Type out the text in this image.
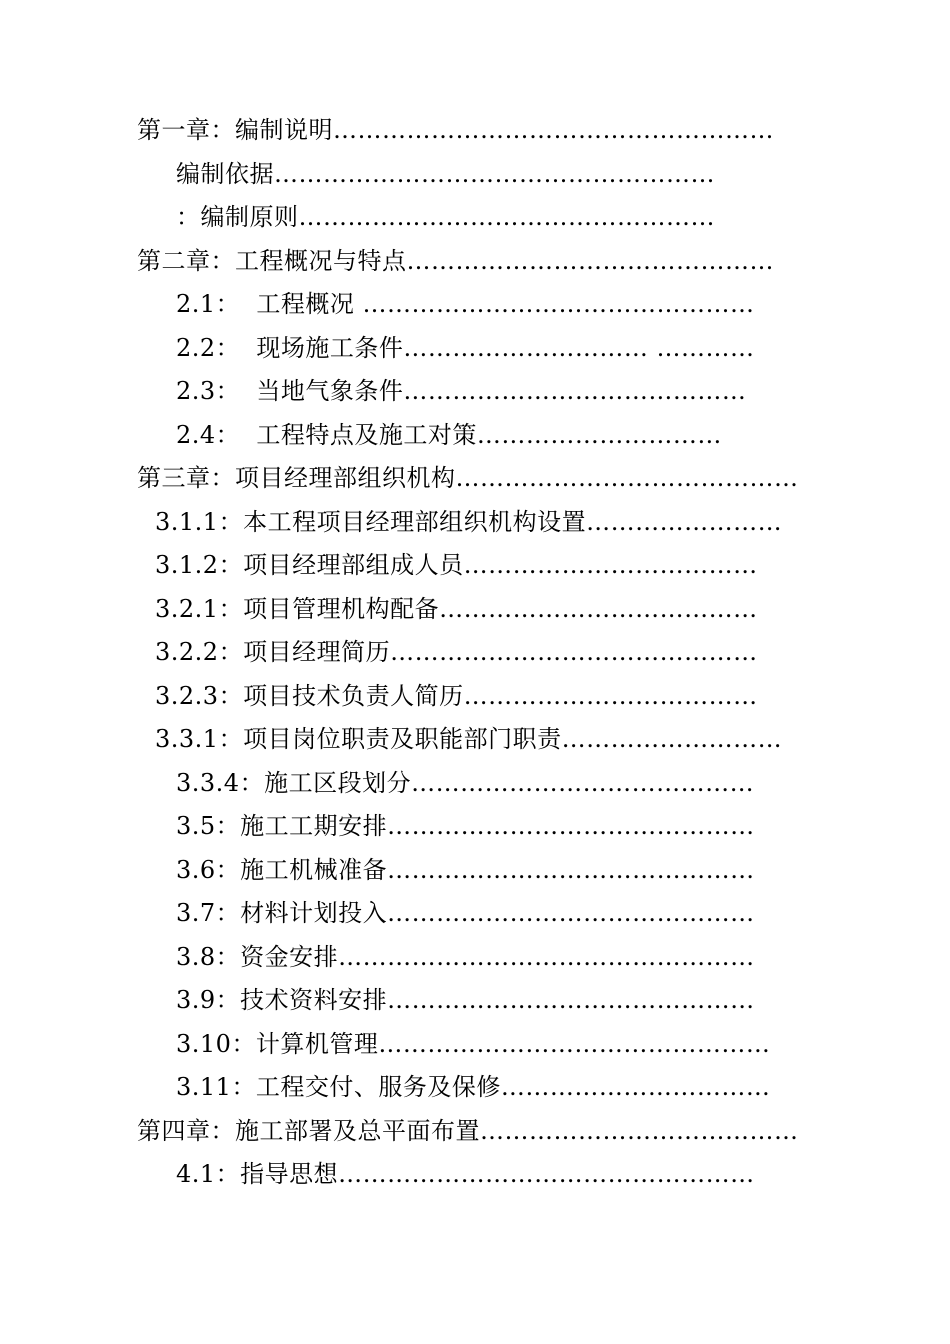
第一章：编制说明………………………………………………
编制依据………………………………………………
：编制原则……………………………………………
第二章：工程概况与特点………………………………………
2.1：  工程概况 …………………………………………
2.2：  现场施工条件………………………… …………
2.3：  当地气象条件……………………………………
2.4：  工程特点及施工对策…………………………
第三章：项目经理部组织机构……………………………………
3.1.1：本工程项目经理部组织机构设置……………………
3.1.2：项目经理部组成人员………………………………
3.2.1：项目管理机构配备…………………………………
3.2.2：项目经理简历………………………………………
3.2.3：项目技术负责人简历………………………………
3.3.1：项目岗位职责及职能部门职责………………………
3.3.4：施工区段划分……………………………………
3.5：施工工期安排………………………………………
3.6：施工机械准备………………………………………
3.7：材料计划投入………………………………………
3.8：资金安排……………………………………………
3.9：技术资料安排………………………………………
3.10：计算机管理…………………………………………
3.11：工程交付、服务及保修……………………………
第四章：施工部署及总平面布置…………………………………
4.1：指导思想……………………………………………
